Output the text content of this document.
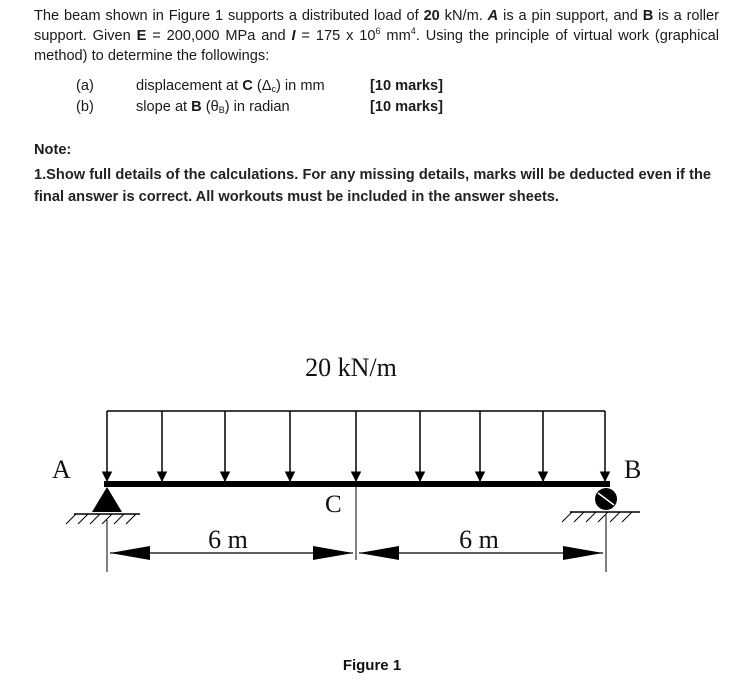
The beam shown in Figure 1 supports a distributed load of 20 kN/m. A is a pin support, and B is a roller support. Given E = 200,000 MPa and I = 175 x $10^6$ $mm^4$. Using the principle of virtual work (graphical method) to determine the followings:
(a)	displacement at C $(\Delta_c)$ in mm	[10 marks]
(b)	slope at B $(\theta_B)$ in radian	[10 marks]
Note:
1.Show full details of the calculations. For any missing details, marks will be deducted even if the final answer is correct. All workouts must be included in the answer sheets.
20 kN/m
A	B
C
6 m	6 m
Figure 1
